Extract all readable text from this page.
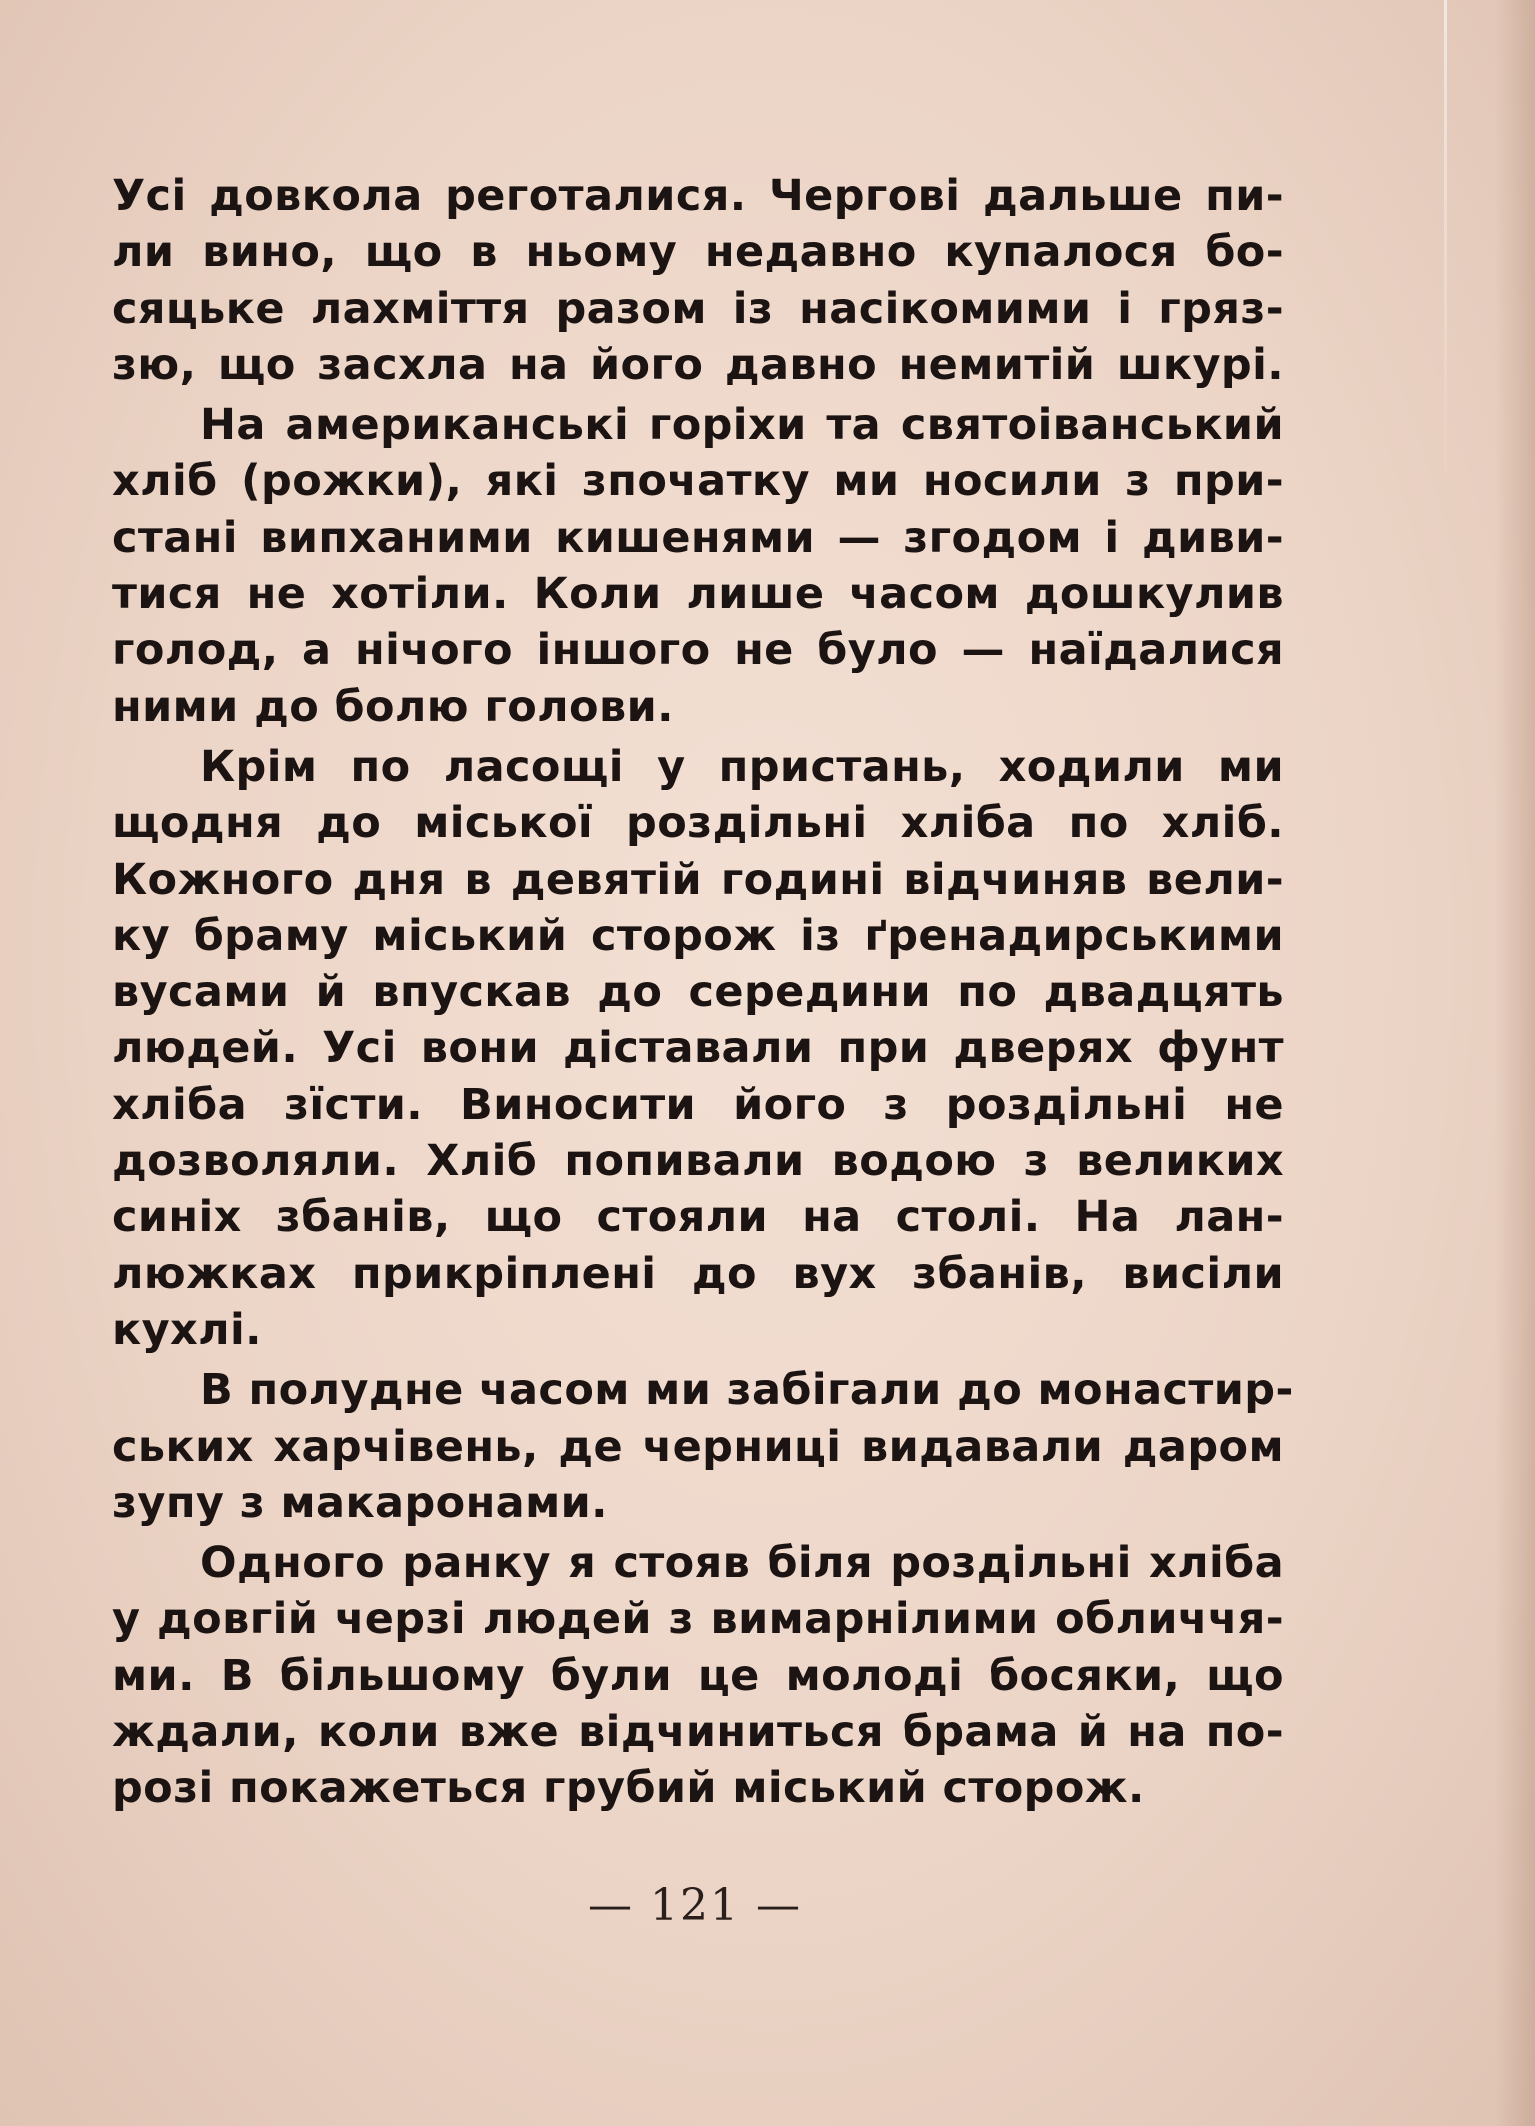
Усі довкола реготалися. Чергові дальше пи-
ли вино, що в ньому недавно купалося бо-
сяцьке лахміття разом із насікомими і гряз-
зю, що засхла на його давно немитій шкурі.
На американські горіхи та святоіванський
хліб (рожки), які зпочатку ми носили з при-
стані випханими кишенями — згодом і диви-
тися не хотіли. Коли лише часом дошкулив
голод, а нічого іншого не було — наїдалися
ними до болю голови.
Крім по ласощі у пристань, ходили ми
щодня до міської роздільні хліба по хліб.
Кожного дня в девятій годині відчиняв вели-
ку браму міський сторож із ґренадирськими
вусами й впускав до середини по двадцять
людей. Усі вони діставали при дверях фунт
хліба зїсти. Виносити його з роздільні не
дозволяли. Хліб попивали водою з великих
синіх збанів, що стояли на столі. На лан-
люжках прикріплені до вух збанів, висіли
кухлі.
В полудне часом ми забігали до монастир-
ських харчівень, де черниці видавали даром
зупу з макаронами.
Одного ранку я стояв біля роздільні хліба
у довгій черзі людей з вимарнілими обличчя-
ми. В більшому були це молоді босяки, що
ждали, коли вже відчиниться брама й на по-
розі покажеться грубий міський сторож.
— 121 —
